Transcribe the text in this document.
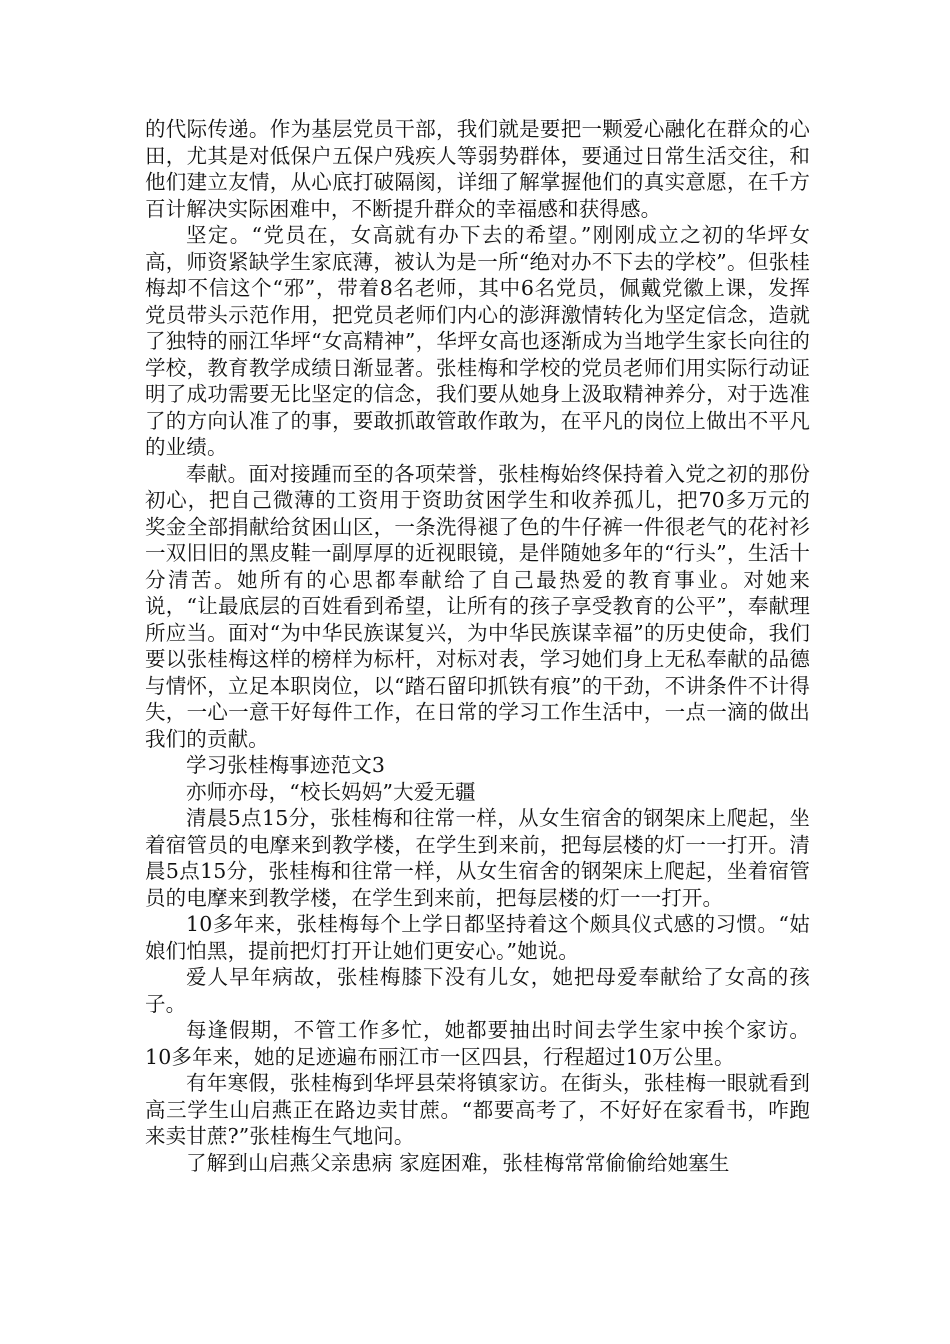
的代际传递。作为基层党员干部，我们就是要把一颗爱心融化在群众的心田，尤其是对低保户五保户残疾人等弱势群体，要通过日常生活交往，和他们建立友情，从心底打破隔阂，详细了解掌握他们的真实意愿，在千方百计解决实际困难中，不断提升群众的幸福感和获得感。

坚定。“党员在，女高就有办下去的希望。”刚刚成立之初的华坪女高，师资紧缺学生家底薄，被认为是一所“绝对办不下去的学校”。但张桂梅却不信这个“邪”，带着8名老师，其中6名党员，佩戴党徽上课，发挥党员带头示范作用，把党员老师们内心的澎湃激情转化为坚定信念，造就了独特的丽江华坪“女高精神”，华坪女高也逐渐成为当地学生家长向往的学校，教育教学成绩日渐显著。张桂梅和学校的党员老师们用实际行动证明了成功需要无比坚定的信念，我们要从她身上汲取精神养分，对于选准了的方向认准了的事，要敢抓敢管敢作敢为，在平凡的岗位上做出不平凡的业绩。

奉献。面对接踵而至的各项荣誉，张桂梅始终保持着入党之初的那份初心，把自己微薄的工资用于资助贫困学生和收养孤儿，把70多万元的奖金全部捐献给贫困山区，一条洗得褪了色的牛仔裤一件很老气的花衬衫一双旧旧的黑皮鞋一副厚厚的近视眼镜，是伴随她多年的“行头”，生活十分清苦。她所有的心思都奉献给了自己最热爱的教育事业。对她来说，“让最底层的百姓看到希望，让所有的孩子享受教育的公平”，奉献理所应当。面对“为中华民族谋复兴，为中华民族谋幸福”的历史使命，我们要以张桂梅这样的榜样为标杆，对标对表，学习她们身上无私奉献的品德与情怀，立足本职岗位，以“踏石留印抓铁有痕”的干劲，不讲条件不计得失，一心一意干好每件工作，在日常的学习工作生活中，一点一滴的做出我们的贡献。

学习张桂梅事迹范文3

亦师亦母，“校长妈妈”大爱无疆

清晨5点15分，张桂梅和往常一样，从女生宿舍的钢架床上爬起，坐着宿管员的电摩来到教学楼，在学生到来前，把每层楼的灯一一打开。清晨5点15分，张桂梅和往常一样，从女生宿舍的钢架床上爬起，坐着宿管员的电摩来到教学楼，在学生到来前，把每层楼的灯一一打开。

10多年来，张桂梅每个上学日都坚持着这个颇具仪式感的习惯。“姑娘们怕黑，提前把灯打开让她们更安心。”她说。

爱人早年病故，张桂梅膝下没有儿女，她把母爱奉献给了女高的孩子。

每逢假期，不管工作多忙，她都要抽出时间去学生家中挨个家访。10多年来，她的足迹遍布丽江市一区四县，行程超过10万公里。

有年寒假，张桂梅到华坪县荣将镇家访。在街头，张桂梅一眼就看到高三学生山启燕正在路边卖甘蔗。“都要高考了，不好好在家看书，咋跑来卖甘蔗?”张桂梅生气地问。

了解到山启燕父亲患病 家庭困难，张桂梅常常偷偷给她塞生
